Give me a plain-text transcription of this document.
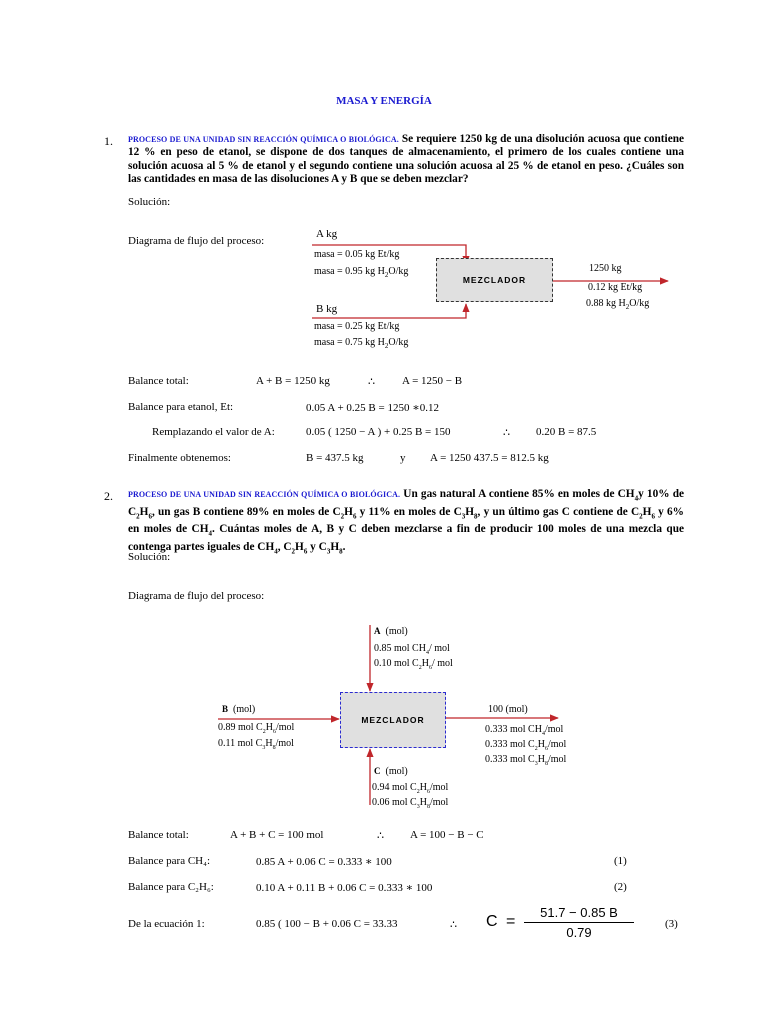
MASA Y ENERGÍA
1. PROCESO DE UNA UNIDAD SIN REACCIÓN QUÍMICA O BIOLÓGICA. Se requiere 1250 kg de una disolución acuosa que contiene 12 % en peso de etanol, se dispone de dos tanques de almacenamiento, el primero de los cuales contiene una solución acuosa al 5 % de etanol y el segundo contiene una solución acuosa al 25 % de etanol en peso. ¿Cuáles son las cantidades en masa de las disoluciones A y B que se deben mezclar?
Solución:
Diagrama de flujo del proceso:
A kg
masa = 0.05 kg Et/kg
masa = 0.95 kg $H_2O/kg$
MEZCLADOR
B kg
masa = 0.25 kg Et/kg
masa = 0.75 kg $H_2O/kg$
1250 kg
0.12 kg Et/kg
0.88 kg $H_2O/kg$
Balance total:	A + B = 1250 kg	∴ A = 1250 − B
Balance para etanol, Et:	0.05 A + 0.25 B = 1250 ∗0.12
Remplazando el valor de A:	0.05 ( 1250 − A ) + 0.25 B = 150	∴ 0.20 B = 87.5
Finalmente obtenemos:	B = 437.5 kg	y A = 1250 437.5 = 812.5 kg
2. PROCESO DE UNA UNIDAD SIN REACCIÓN QUÍMICA O BIOLÓGICA. Un gas natural A contiene 85% en moles de $CH_4y$ 10% de $C_2H_6$, un gas B contiene 89% en moles de $C_2H_6$ y 11% en moles de $C_3H_8$, y un último gas C contiene de $C_2H_6$ y 6% en moles de $CH_4$. Cuántas moles de A, B y C deben mezclarse a fin de producir 100 moles de una mezcla que contenga partes iguales de $CH_4$, $C_2H_6$ y $C_3H_8$.
Solución:
Diagrama de flujo del proceso:
A (mol)
0.85 mol $CH_4/$ mol
0.10 mol $C_2H_6/$ mol
B (mol)
0.89 mol $C_2H_6$/mol
0.11 mol $C_3H_8$/mol
MEZCLADOR
100 (mol)
0.333 mol $CH_4$/mol
0.333 mol $C_2H_6$/mol
0.333 mol $C_3H_8$/mol
C (mol)
0.94 mol $C_2H_6$/mol
0.06 mol $C_3H_8$/mol
Balance total:	A + B + C = 100 mol	∴ A = 100 − B − C
Balance para CH₄:	0.85 A + 0.06 C = 0.333 ∗ 100	(1)
Balance para C₂H₆:	0.10 A + 0.11 B + 0.06 C = 0.333 ∗ 100	(2)
De la ecuación 1:	0.85 ( 100 − B + 0.06 C = 33.33	∴ C =
51.7 − 0.85 B
0.79
(3)
